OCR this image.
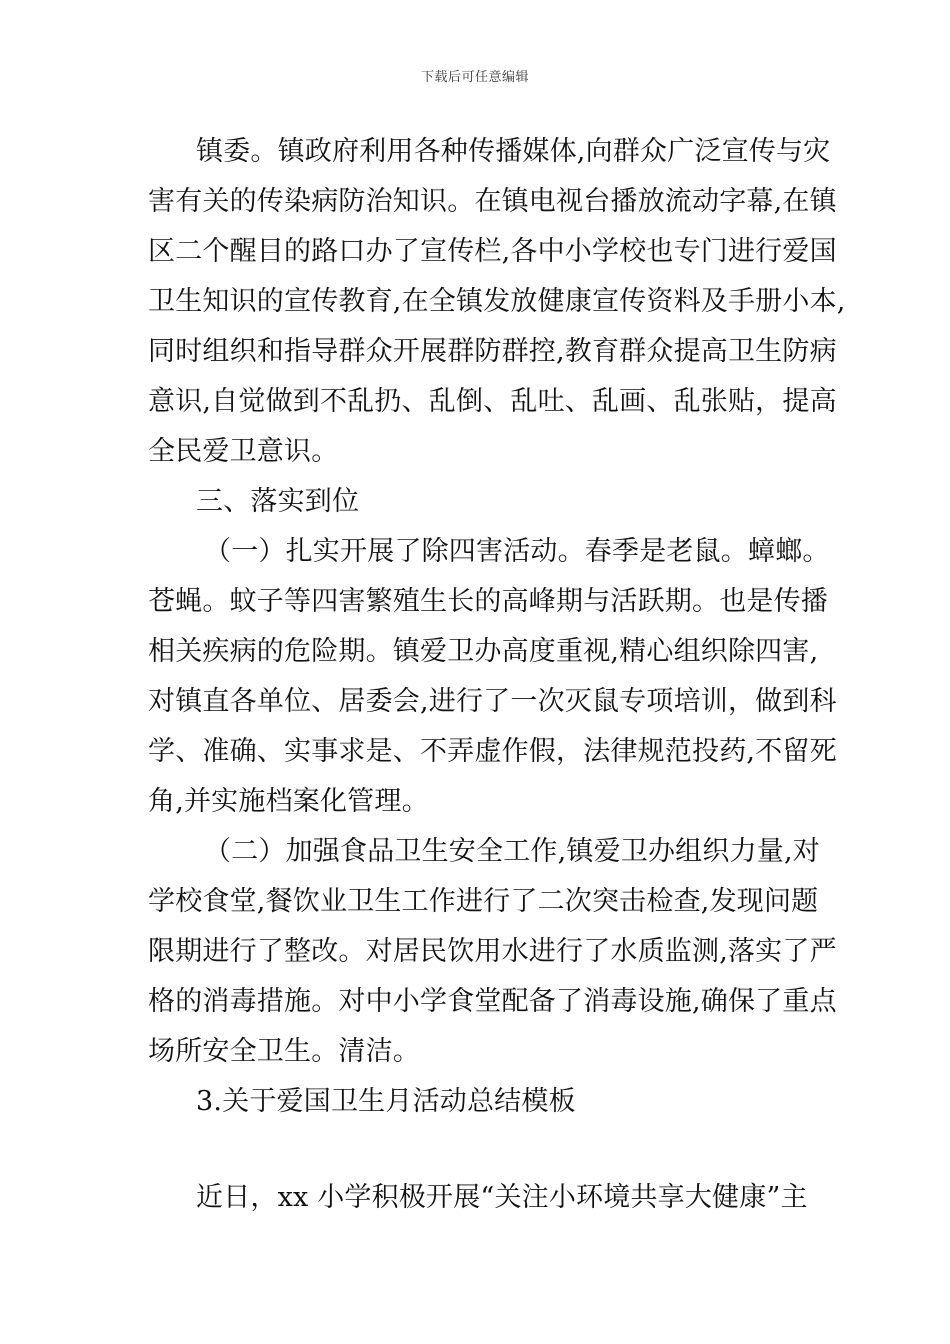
下载后可任意编辑
镇委。镇政府利用各种传播媒体,向群众广泛宣传与灾
害有关的传染病防治知识。在镇电视台播放流动字幕,在镇
区二个醒目的路口办了宣传栏,各中小学校也专门进行爱国
卫生知识的宣传教育,在全镇发放健康宣传资料及手册小本,
同时组织和指导群众开展群防群控,教育群众提高卫生防病
意识,自觉做到不乱扔、乱倒、乱吐、乱画、乱张贴，提高
全民爱卫意识。
三、落实到位
（一）扎实开展了除四害活动。春季是老鼠。蟑螂。
苍蝇。蚊子等四害繁殖生长的高峰期与活跃期。也是传播
相关疾病的危险期。镇爱卫办高度重视,精心组织除四害,
对镇直各单位、居委会,进行了一次灭鼠专项培训，做到科
学、准确、实事求是、不弄虚作假，法律规范投药,不留死
角,并实施档案化管理。
（二）加强食品卫生安全工作,镇爱卫办组织力量,对
学校食堂,餐饮业卫生工作进行了二次突击检查,发现问题
限期进行了整改。对居民饮用水进行了水质监测,落实了严
格的消毒措施。对中小学食堂配备了消毒设施,确保了重点
场所安全卫生。清洁。
3.关于爱国卫生月活动总结模板
近日，xx 小学积极开展“关注小环境共享大健康”主
